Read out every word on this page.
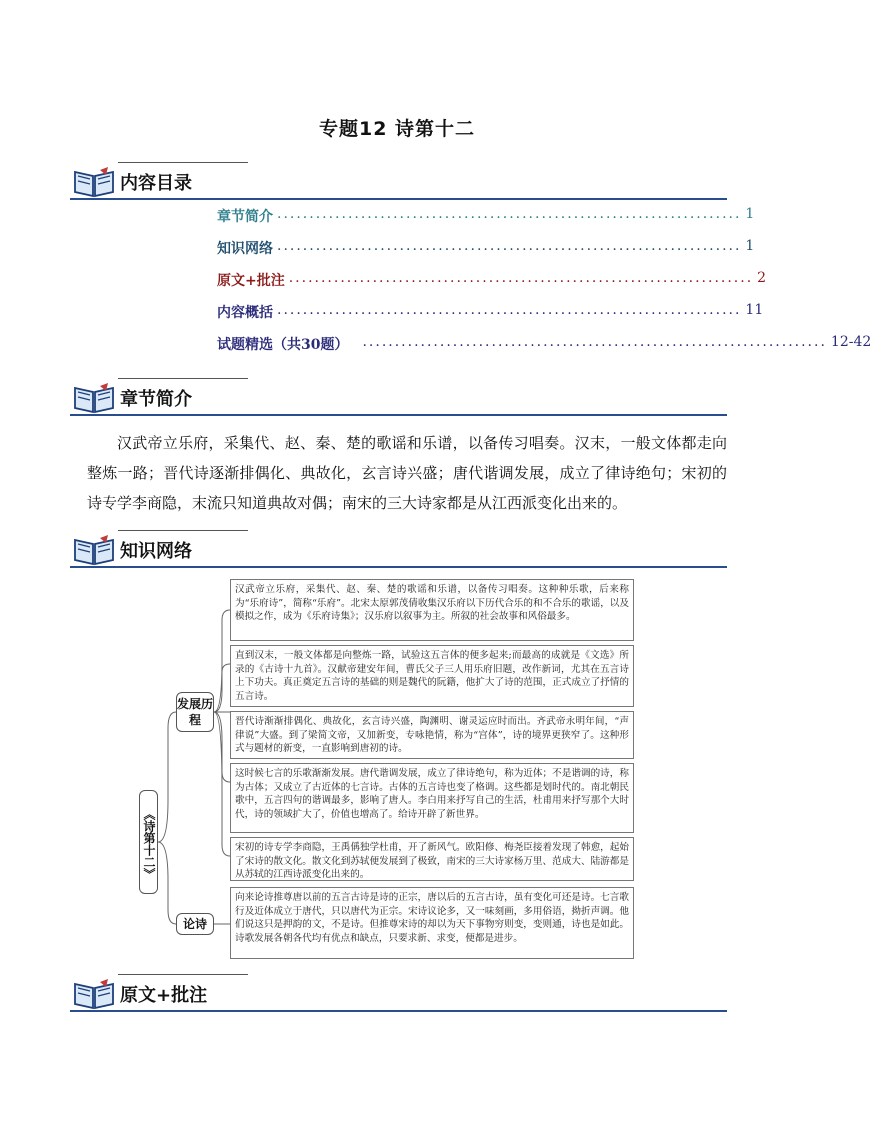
专题12 诗第十二
内容目录
章节简介 ........................................................................ 1
知识网络 ........................................................................ 1
原文+批注 ........................................................................ 2
内容概括 ........................................................................ 11
试题精选（共30题）	........................................................................ 12-42
章节简介
汉武帝立乐府，采集代、赵、秦、楚的歌谣和乐谱，以备传习唱奏。汉末，一般文体都走向整炼一路；晋代诗逐渐排偶化、典故化，玄言诗兴盛；唐代谐调发展，成立了律诗绝句；宋初的诗专学李商隐，末流只知道典故对偶；南宋的三大诗家都是从江西派变化出来的。
知识网络
《诗第十二》
发展历程
论诗
汉武帝立乐府，采集代、赵、秦、楚的歌谣和乐谱，以备传习唱奏。这种种乐歌，后来称为“乐府诗”，简称“乐府”。北宋太原郭茂倩收集汉乐府以下历代合乐的和不合乐的歌谣，以及模拟之作，成为《乐府诗集》；汉乐府以叙事为主。所叙的社会故事和风俗最多。
直到汉末，一般文体都是向整炼一路，试验这五言体的便多起来;而最高的成就是《文选》所录的《古诗十九首》。汉献帝建安年间，曹氏父子三人用乐府旧题，改作新词，尤其在五言诗上下功夫。真正奠定五言诗的基础的则是魏代的阮籍，他扩大了诗的范围，正式成立了抒情的五言诗。
晋代诗渐渐排偶化、典故化，玄言诗兴盛，陶渊明、谢灵运应时而出。齐武帝永明年间，“声律说”大盛。到了梁简文帝，又加新变，专咏艳情，称为“宫体”，诗的境界更狭窄了。这种形式与题材的新变，一直影响到唐初的诗。
这时候七言的乐歌渐渐发展。唐代谐调发展，成立了律诗绝句，称为近体；不是谐调的诗，称为古体；又成立了古近体的七言诗。古体的五言诗也变了格调。这些都是划时代的。南北朝民歌中，五言四句的谐调最多，影响了唐人。李白用来抒写自己的生活，杜甫用来抒写那个大时代，诗的领域扩大了，价值也增高了。给诗开辟了新世界。
宋初的诗专学李商隐，王禹偁独学杜甫，开了新风气。欧阳修、梅尧臣接着发现了韩愈，起始了宋诗的散文化。散文化到苏轼便发展到了极致，南宋的三大诗家杨万里、范成大、陆游都是从苏轼的江西诗派变化出来的。
向来论诗推尊唐以前的五言古诗是诗的正宗，唐以后的五言古诗，虽有变化可还是诗。七言歌行及近体成立于唐代，只以唐代为正宗。宋诗议论多，又一味刻画，多用俗语，拗折声调。他们说这只是押韵的文，不是诗。但推尊宋诗的却以为天下事物穷则变，变则通，诗也是如此。诗歌发展各朝各代均有优点和缺点，只要求新、求变，便都是进步。
原文+批注
